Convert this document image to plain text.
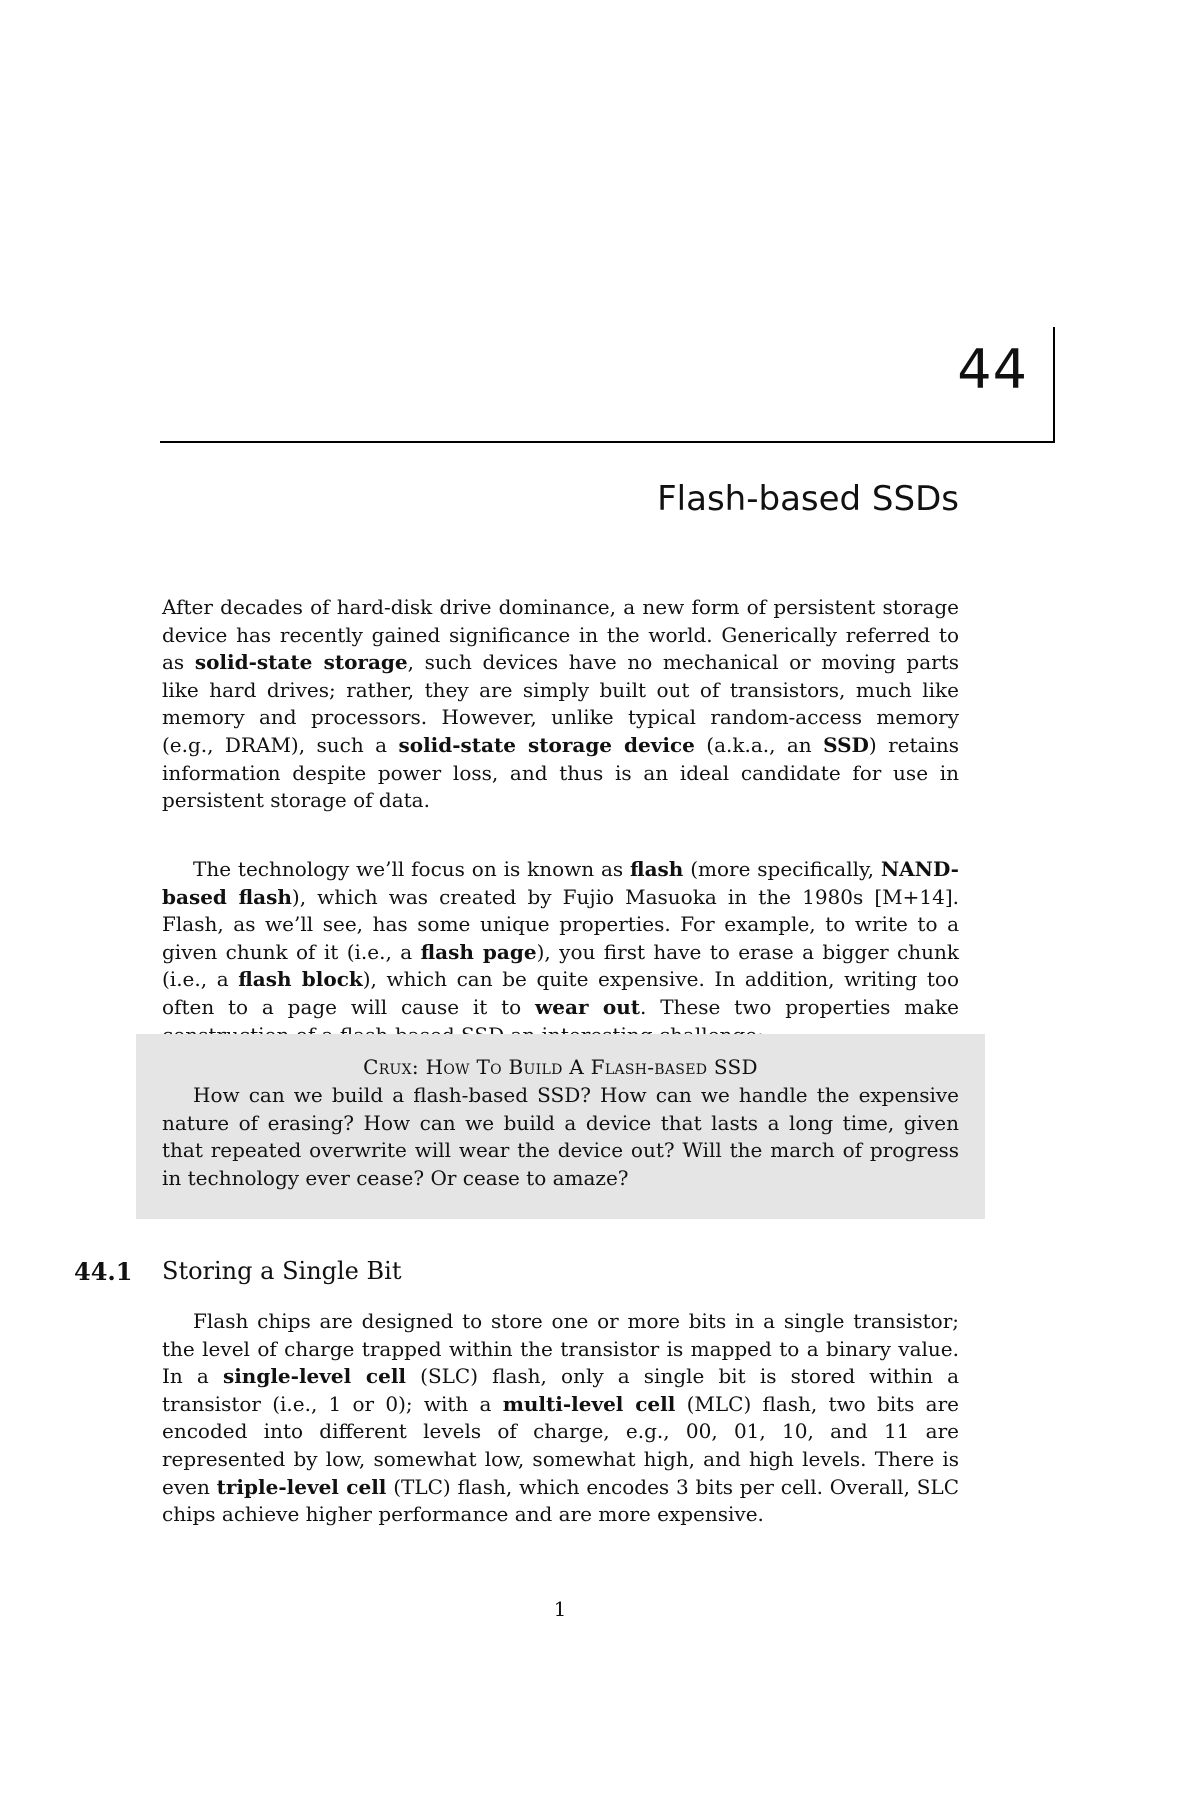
44
Flash-based SSDs

After decades of hard-disk drive dominance, a new form of persistent storage device has recently gained significance in the world. Generically referred to as solid-state storage, such devices have no mechanical or moving parts like hard drives; rather, they are simply built out of transistors, much like memory and processors. However, unlike typical random-access memory (e.g., DRAM), such a solid-state storage device (a.k.a., an SSD) retains information despite power loss, and thus is an ideal candidate for use in persistent storage of data.

The technology we’ll focus on is known as flash (more specifically, NAND-based flash), which was created by Fujio Masuoka in the 1980s [M+14]. Flash, as we’ll see, has some unique properties. For example, to write to a given chunk of it (i.e., a flash page), you first have to erase a bigger chunk (i.e., a flash block), which can be quite expensive. In addition, writing too often to a page will cause it to wear out. These two properties make

Crux: How To Build A Flash-based SSD

How can we build a flash-based SSD? How can we handle the expensive nature of erasing? How can we build a device that lasts a long time, given that repeated overwrite will wear the device out? Will the march of progress in technology ever cease? Or cease to amaze?

44.1 Storing a Single Bit

Flash chips are designed to store one or more bits in a single transistor; the level of charge trapped within the transistor is mapped to a binary value. In a single-level cell (SLC) flash, only a single bit is stored within a transistor (i.e., 1 or 0); with a multi-level cell (MLC) flash, two bits are encoded into different levels of charge, e.g., 00, 01, 10, and 11 are represented by low, somewhat low, somewhat high, and high levels. There is even triple-level cell (TLC) flash, which encodes 3 bits per cell. Overall, SLC chips achieve higher performance and are more expensive.

1
